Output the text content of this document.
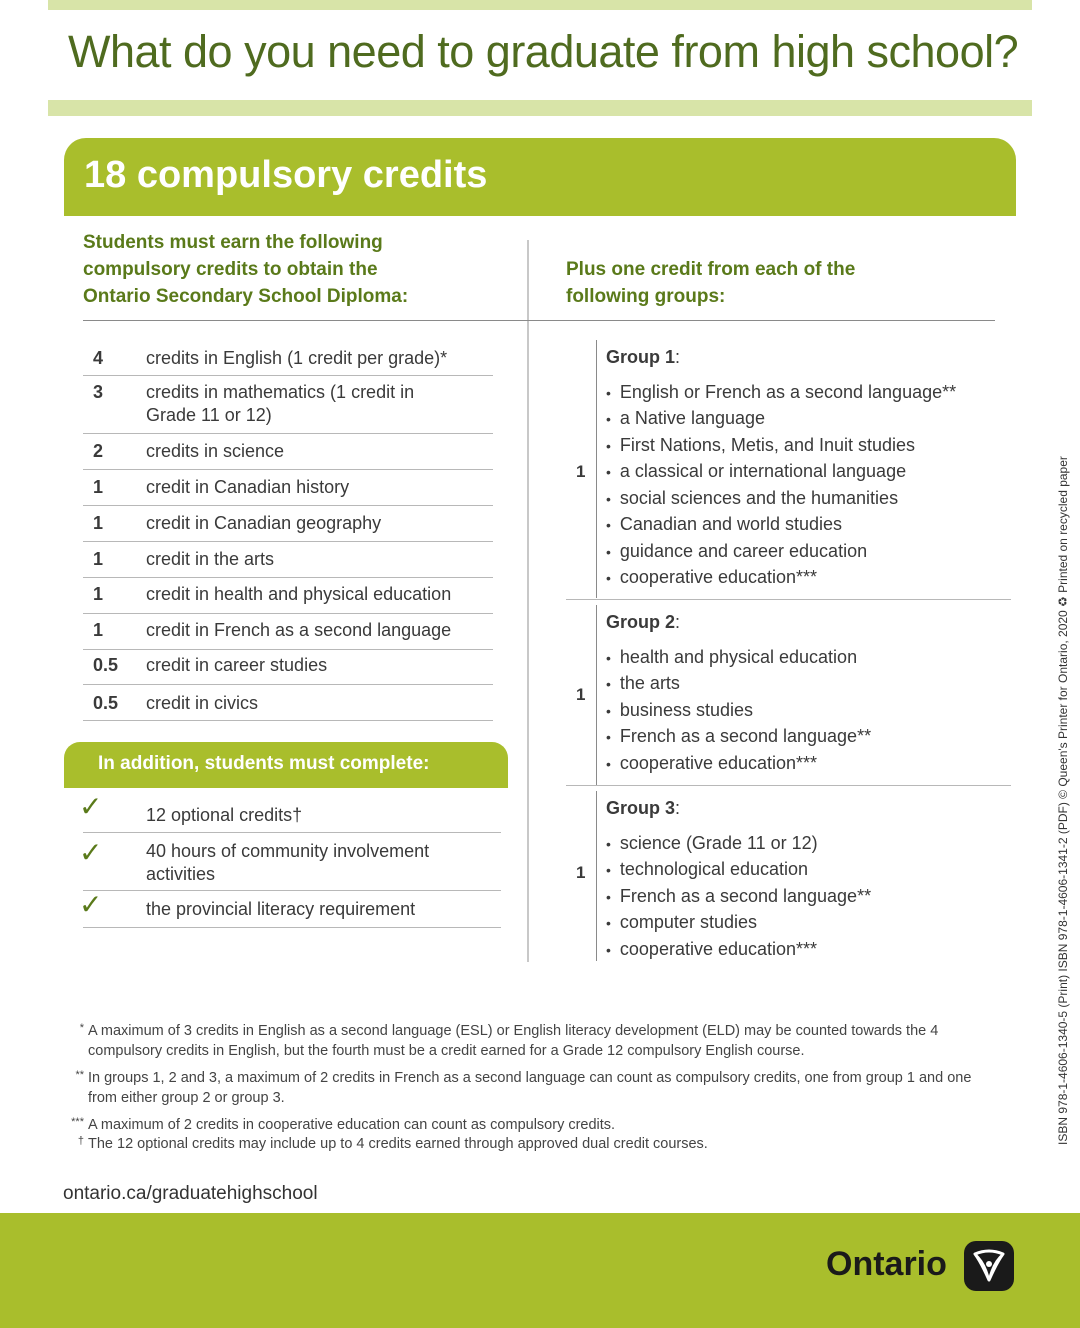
What do you need to graduate from high school?
18 compulsory credits

Students must earn the following
compulsory credits to obtain the
Ontario Secondary School Diploma:

Plus one credit from each of the
following groups:

4 credits in English (1 credit per grade)*
3 credits in mathematics (1 credit in Grade 11 or 12)
2 credits in science
1 credit in Canadian history
1 credit in Canadian geography
1 credit in the arts
1 credit in health and physical education
1 credit in French as a second language
0.5 credit in career studies
0.5 credit in civics
In addition, students must complete:
✓ 12 optional credits†
✓ 40 hours of community involvement activities
✓ the provincial literacy requirement
Group 1:
1
• English or French as a second language**
• a Native language
• First Nations, Metis, and Inuit studies
• a classical or international language
• social sciences and the humanities
• Canadian and world studies
• guidance and career education
• cooperative education***
Group 2:
1
• health and physical education
• the arts
• business studies
• French as a second language**
• cooperative education***
Group 3:
1
• science (Grade 11 or 12)
• technological education
• French as a second language**
• computer studies
• cooperative education***
* A maximum of 3 credits in English as a second language (ESL) or English literacy development (ELD) may be counted towards the 4 compulsory credits in English, but the fourth must be a credit earned for a Grade 12 compulsory English course.
** In groups 1, 2 and 3, a maximum of 2 credits in French as a second language can count as compulsory credits, one from group 1 and one from either group 2 or group 3.
*** A maximum of 2 credits in cooperative education can count as compulsory credits.
† The 12 optional credits may include up to 4 credits earned through approved dual credit courses.
ontario.ca/graduatehighschool
ISBN 978-1-4606-1340-5 (Print) ISBN 978-1-4606-1341-2 (PDF) © Queen's Printer for Ontario, 2020 ♻ Printed on recycled paper
Ontario
